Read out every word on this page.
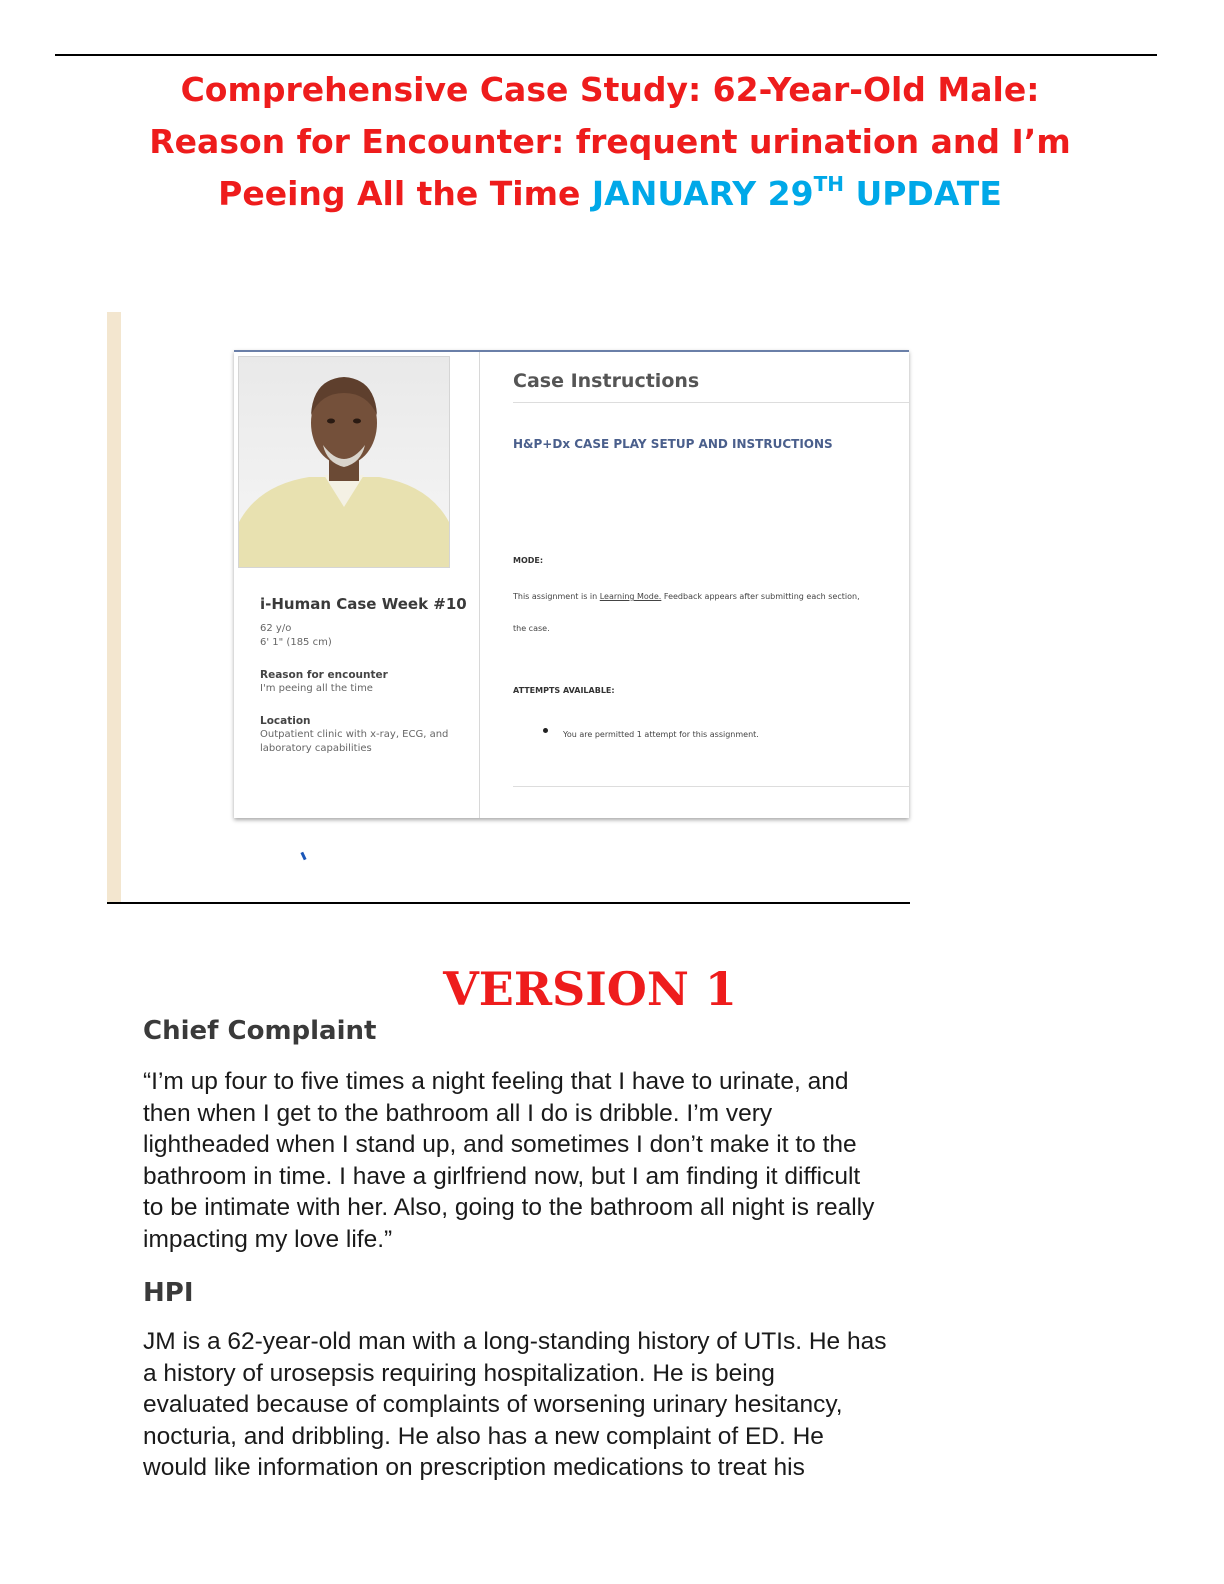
Comprehensive Case Study: 62-Year-Old Male:
Reason for Encounter: frequent urination and I’m
Peeing All the Time JANUARY 29TH UPDATE
i-Human Case Week #10
62 y/o
6' 1" (185 cm)
Reason for encounter
I'm peeing all the time
Location
Outpatient clinic with x-ray, ECG, and
laboratory capabilities
Case Instructions
H&P+Dx CASE PLAY SETUP AND INSTRUCTIONS
MODE:
This assignment is in Learning Mode. Feedback appears after submitting each section,
the case.
ATTEMPTS AVAILABLE:
You are permitted 1 attempt for this assignment.
VERSION 1
Chief Complaint
“I’m up four to five times a night feeling that I have to urinate, and
then when I get to the bathroom all I do is dribble. I’m very
lightheaded when I stand up, and sometimes I don’t make it to the
bathroom in time. I have a girlfriend now, but I am finding it difficult
to be intimate with her. Also, going to the bathroom all night is really
impacting my love life.”
HPI
JM is a 62-year-old man with a long-standing history of UTIs. He has
a history of urosepsis requiring hospitalization. He is being
evaluated because of complaints of worsening urinary hesitancy,
nocturia, and dribbling. He also has a new complaint of ED. He
would like information on prescription medications to treat his
